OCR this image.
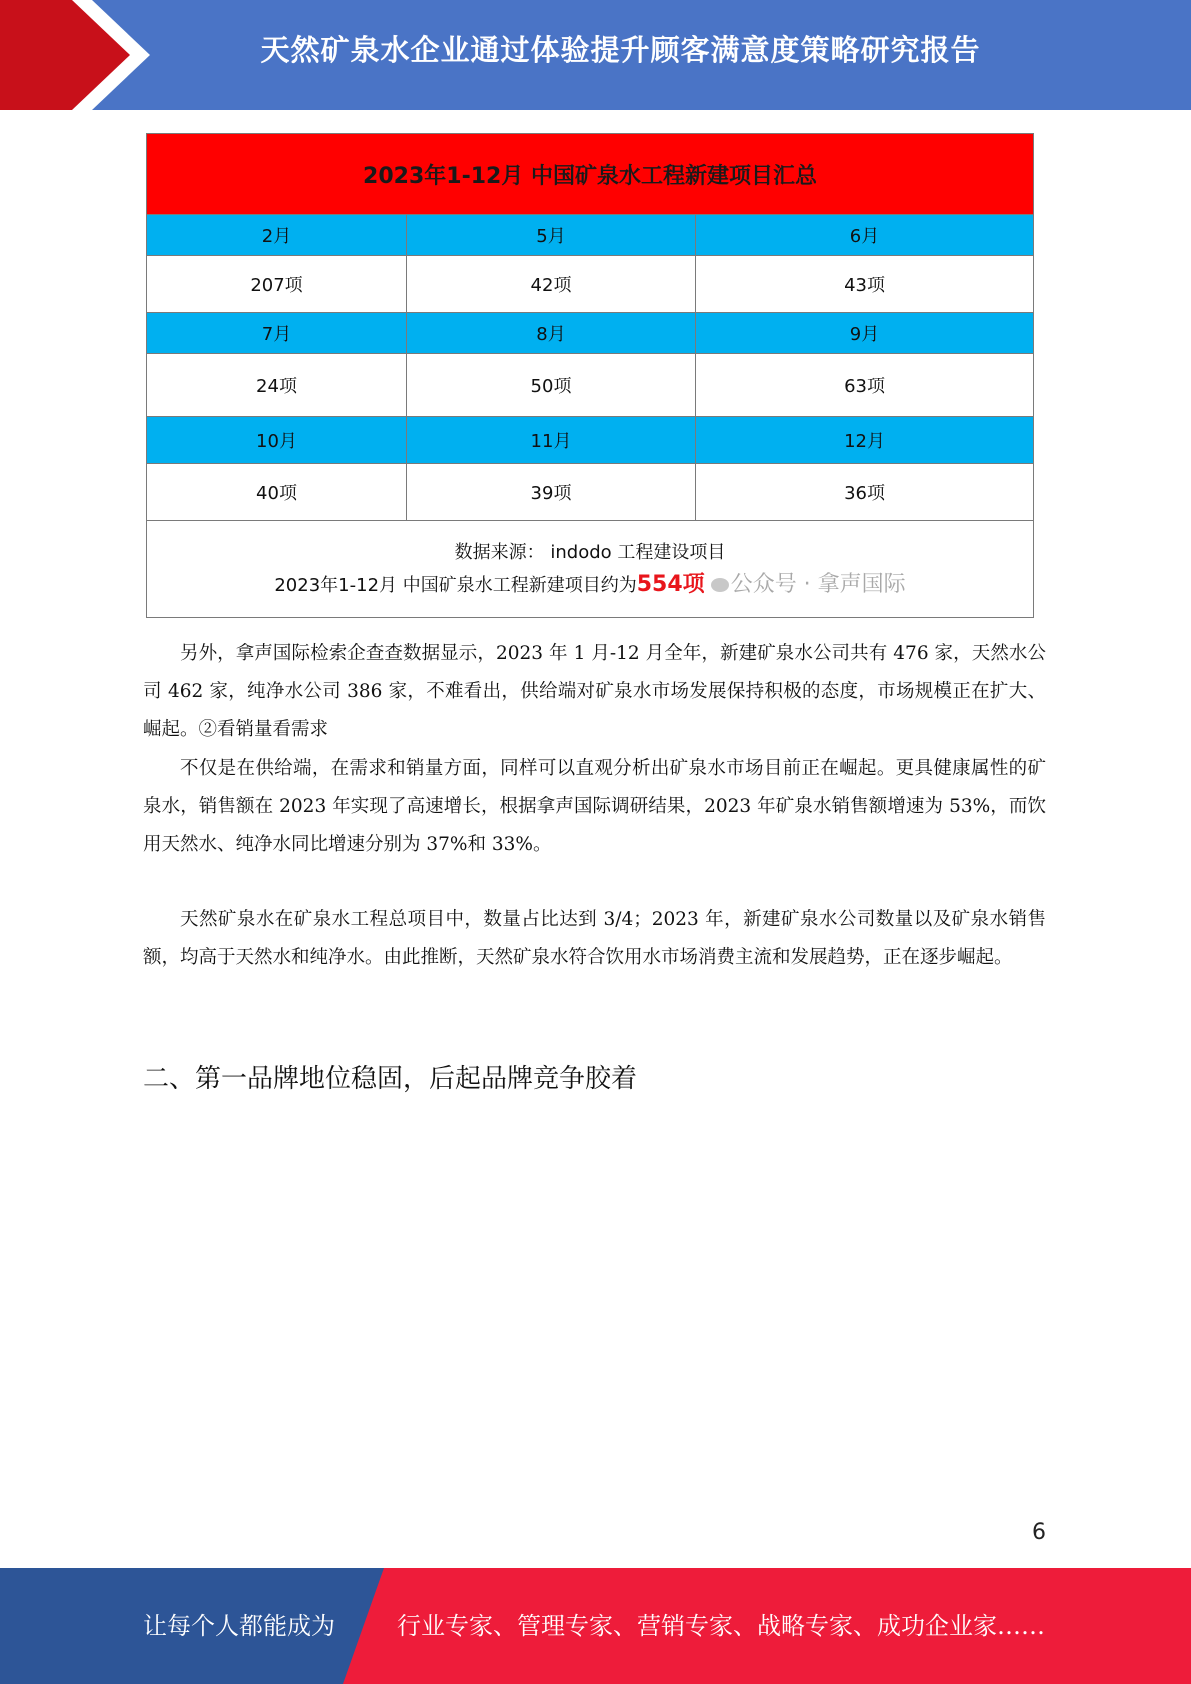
天然矿泉水企业通过体验提升顾客满意度策略研究报告
2023年1-12月 中国矿泉水工程新建项目汇总		
2月	5月	6月
207项	42项	43项
7月	8月	9月
24项	50项	63项
10月	11月	12月
40项	39项	36项

数据来源： indodo 工程建设项目
2023年1-12月 中国矿泉水工程新建项目约为554项 公众号 · 拿声国际		

另外，拿声国际检索企查查数据显示，2023 年 1 月-12 月全年，新建矿泉水公司共有 476 家，天然水公司 462 家，纯净水公司 386 家，不难看出，供给端对矿泉水市场发展保持积极的态度，市场规模正在扩大、崛起。②看销量看需求

不仅是在供给端，在需求和销量方面，同样可以直观分析出矿泉水市场目前正在崛起。更具健康属性的矿泉水，销售额在 2023 年实现了高速增长，根据拿声国际调研结果，2023 年矿泉水销售额增速为 53%，而饮用天然水、纯净水同比增速分别为 37%和 33%。

天然矿泉水在矿泉水工程总项目中，数量占比达到 3/4；2023 年，新建矿泉水公司数量以及矿泉水销售额，均高于天然水和纯净水。由此推断，天然矿泉水符合饮用水市场消费主流和发展趋势，正在逐步崛起。

二、第一品牌地位稳固，后起品牌竞争胶着
6
让每个人都能成为	行业专家、管理专家、营销专家、战略专家、成功企业家……
